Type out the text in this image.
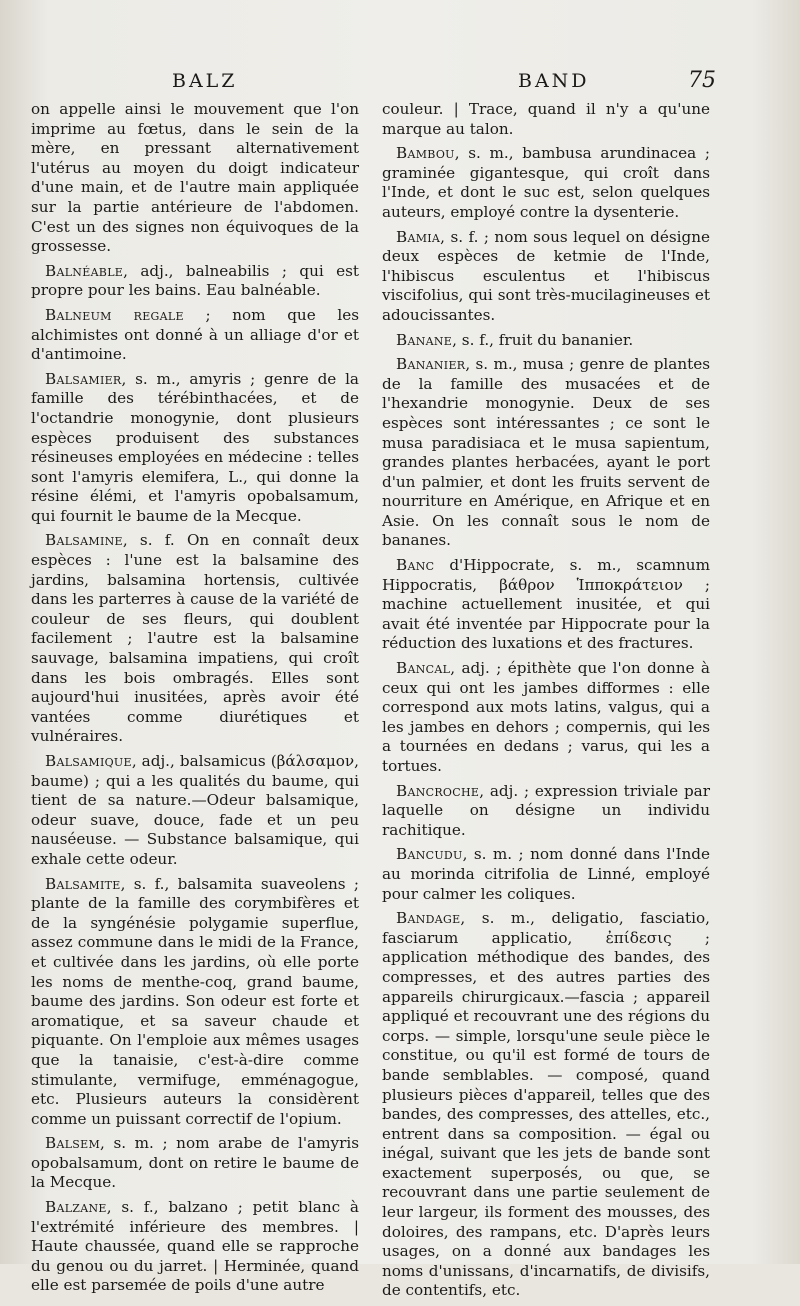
BALZ	BAND	75

on appelle ainsi le mouvement que l'on imprime au fœtus, dans le sein de la mère, en pressant alternativement l'utérus au moyen du doigt indicateur d'une main, et de l'autre main appliquée sur la partie antérieure de l'abdomen. C'est un des signes non équivoques de la grossesse.

Balnéable, adj., balneabilis ; qui est propre pour les bains. Eau balnéable.

Balneum regale ; nom que les alchimistes ont donné à un alliage d'or et d'antimoine.

Balsamier, s. m., amyris ; genre de la famille des térébinthacées, et de l'octandrie monogynie, dont plusieurs espèces produisent des substances résineuses employées en médecine : telles sont l'amyris elemifera, L., qui donne la résine élémi, et l'amyris opobalsamum, qui fournit le baume de la Mecque.

Balsamine, s. f. On en connaît deux espèces : l'une est la balsamine des jardins, balsamina hortensis, cultivée dans les parterres à cause de la variété de couleur de ses fleurs, qui doublent facilement ; l'autre est la balsamine sauvage, balsamina impatiens, qui croît dans les bois ombragés. Elles sont aujourd'hui inusitées, après avoir été vantées comme diurétiques et vulnéraires.

Balsamique, adj., balsamicus (βάλσαμον, baume) ; qui a les qualités du baume, qui tient de sa nature.—Odeur balsamique, odeur suave, douce, fade et un peu nauséeuse. — Substance balsamique, qui exhale cette odeur.

Balsamite, s. f., balsamita suaveolens ; plante de la famille des corymbifères et de la syngénésie polygamie superflue, assez commune dans le midi de la France, et cultivée dans les jardins, où elle porte les noms de menthe-coq, grand baume, baume des jardins. Son odeur est forte et aromatique, et sa saveur chaude et piquante. On l'emploie aux mêmes usages que la tanaisie, c'est-à-dire comme stimulante, vermifuge, emménagogue, etc. Plusieurs auteurs la considèrent comme un puissant correctif de l'opium.

Balsem, s. m. ; nom arabe de l'amyris opobalsamum, dont on retire le baume de la Mecque.

Balzane, s. f., balzano ; petit blanc à l'extrémité inférieure des membres. | Haute chaussée, quand elle se rapproche du genou ou du jarret. | Herminée, quand elle est parsemée de poils d'une autre

couleur. | Trace, quand il n'y a qu'une marque au talon.

Bambou, s. m., bambusa arundinacea ; graminée gigantesque, qui croît dans l'Inde, et dont le suc est, selon quelques auteurs, employé contre la dysenterie.

Bamia, s. f. ; nom sous lequel on désigne deux espèces de ketmie de l'Inde, l'hibiscus esculentus et l'hibiscus viscifolius, qui sont très-mucilagineuses et adoucissantes.

Banane, s. f., fruit du bananier.

Bananier, s. m., musa ; genre de plantes de la famille des musacées et de l'hexandrie monogynie. Deux de ses espèces sont intéressantes ; ce sont le musa paradisiaca et le musa sapientum, grandes plantes herbacées, ayant le port d'un palmier, et dont les fruits servent de nourriture en Amérique, en Afrique et en Asie. On les connaît sous le nom de bananes.

Banc d'Hippocrate, s. m., scamnum Hippocratis, βάθρον Ἱπποκράτειον ; machine actuellement inusitée, et qui avait été inventée par Hippocrate pour la réduction des luxations et des fractures.

Bancal, adj. ; épithète que l'on donne à ceux qui ont les jambes difformes : elle correspond aux mots latins, valgus, qui a les jambes en dehors ; compernis, qui les a tournées en dedans ; varus, qui les a tortues.

Bancroche, adj. ; expression triviale par laquelle on désigne un individu rachitique.

Bancudu, s. m. ; nom donné dans l'Inde au morinda citrifolia de Linné, employé pour calmer les coliques.

Bandage, s. m., deligatio, fasciatio, fasciarum applicatio, ἐπίδεσις ; application méthodique des bandes, des compresses, et des autres parties des appareils chirurgicaux.—fascia ; appareil appliqué et recouvrant une des régions du corps. — simple, lorsqu'une seule pièce le constitue, ou qu'il est formé de tours de bande semblables. — composé, quand plusieurs pièces d'appareil, telles que des bandes, des compresses, des attelles, etc., entrent dans sa composition. — égal ou inégal, suivant que les jets de bande sont exactement superposés, ou que, se recouvrant dans une partie seulement de leur largeur, ils forment des mousses, des doloires, des rampans, etc. D'après leurs usages, on a donné aux bandages les noms d'unissans, d'incarnatifs, de divisifs, de contentifs, etc.
